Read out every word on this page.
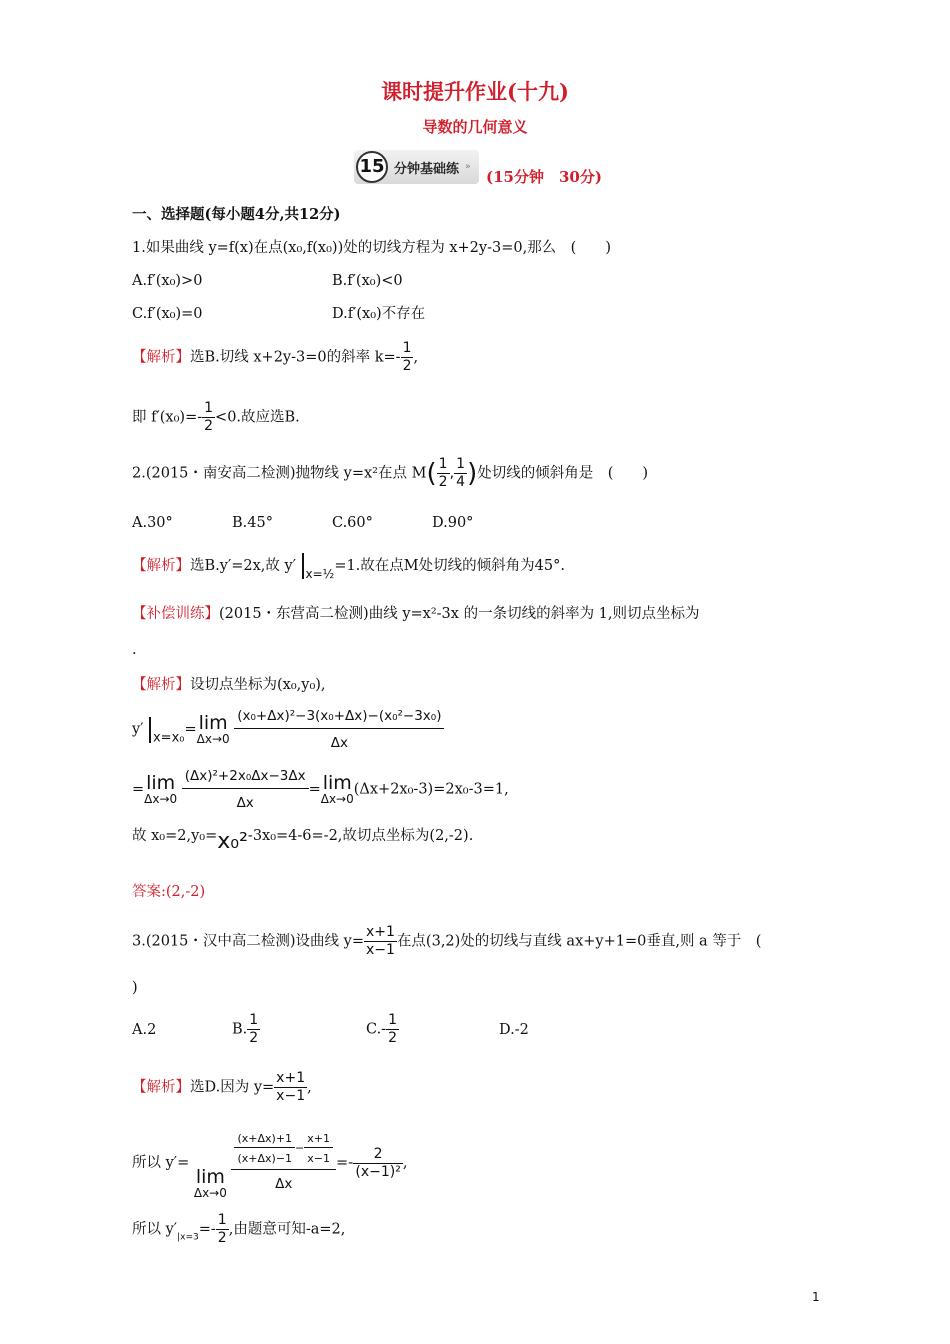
课时提升作业(十九)
导数的几何意义
15 分钟基础练 »
(15分钟　30分)
一、选择题(每小题4分,共12分)
1.如果曲线 y=f(x)在点(x₀,f(x₀))处的切线方程为 x+2y-3=0,那么　(　　)
A.f′(x₀)>0	B.f′(x₀)<0
C.f′(x₀)=0	D.f′(x₀)不存在
【解析】选B.切线 x+2y-3=0的斜率 $k=- \frac{1}{2}$ ,
即 $f'(x_0)=- \frac{1}{2} <0$.故应选B.
2.(2015・南安高二检测)抛物线 y=x²在点 $M( \frac{1}{2}$ , $\frac{1}{4}$ )处切线的倾斜角是　(　　)
A.30°	B.45°	C.60°	D.90°
【解析】选B.y′=2x,故 y′ $_{x=\frac{1}{2}}$=1.故在点M处切线的倾斜角为45°.
【补偿训练】(2015・东营高二检测)曲线 y=x²-3x 的一条切线的斜率为 1,则切点坐标为
.
【解析】设切点坐标为(x₀,y₀),
y′x=x₀= lim
Δx→0
$\frac{\text{(x₀+Δx)²−3(x₀+Δx)−(x₀²−3x₀)}}{\Delta x}$
= lim
Δx→0
$\frac{\text{(Δx)²+2x₀Δx−3Δx}}{\Delta x} = \lim$
Δx→0
(Δx+2x₀-3)=2x₀-3=1,
故 x₀=2,y₀=x₀²-3x₀=4-6=-2,故切点坐标为(2,-2).
答案:(2,-2)
3.(2015・汉中高二检测)设曲线 $y= \frac{x+1}{x-1}$ 在点(3,2)处的切线与直线 ax+y+1=0垂直,则 a 等于　(
)
A.2	B. $\frac{1}{2}$	$C.- \frac{1}{2}$	D.-2
【解析】选D.因为 $y= \frac{x+1}{x-1}$ ,
所以 y′=
lim
Δx→0

$\frac{(x+\Delta x)+1}{(x+\Delta x)-1} - \frac{x+1}{x-1}$
Δx
=- $\frac{2}{\text{(x−1)²}}$ ,
所以 $y'_{|x=3}=- \frac{1}{2}$ ,由题意可知-a=2,
1
